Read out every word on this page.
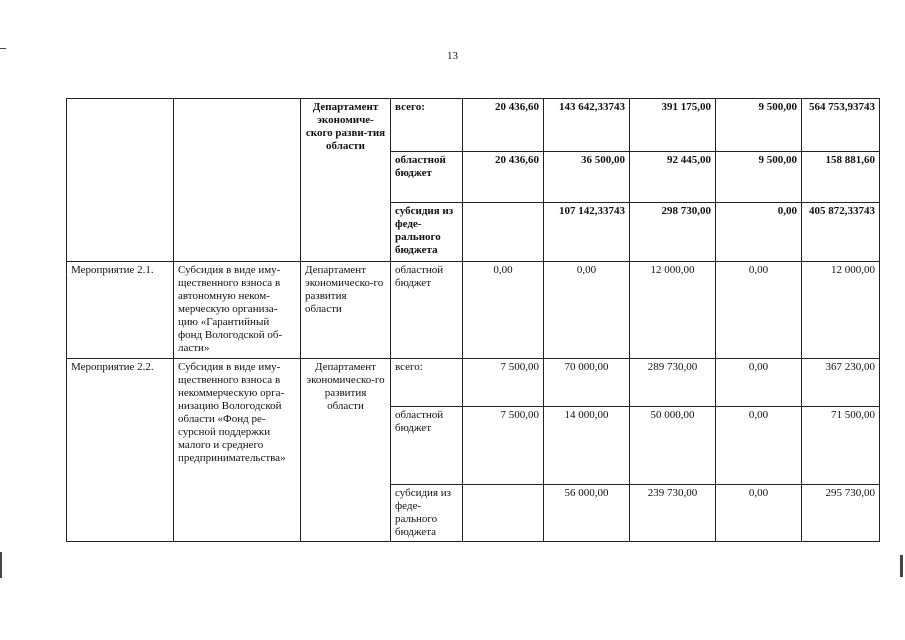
13
		Департамент экономиче-ского разви-тия области	всего:	20 436,60	143 642,33743	391 175,00	9 500,00	564 753,93743
			областной бюджет	20 436,60	36 500,00	92 445,00	9 500,00	158 881,60
			субсидия из феде-рального бюджета		107 142,33743	298 730,00	0,00	405 872,33743
Мероприятие 2.1.	Субсидия в виде иму-щественного взноса в автономную неком-мерческую организа-цию «Гарантийный фонд Вологодской об-ласти»	Департамент экономическо-го развития области	областной бюджет	0,00	0,00	12 000,00	0,00	12 000,00
Мероприятие 2.2.	Субсидия в виде иму-щественного взноса в некоммерческую орга-низацию Вологодской области «Фонд ре-сурсной поддержки малого и среднего предпринимательства»	Департамент экономическо-го развития области	всего:	7 500,00	70 000,00	289 730,00	0,00	367 230,00
			областной бюджет	7 500,00	14 000,00	50 000,00	0,00	71 500,00
			субсидия из феде-рального бюджета		56 000,00	239 730,00	0,00	295 730,00
